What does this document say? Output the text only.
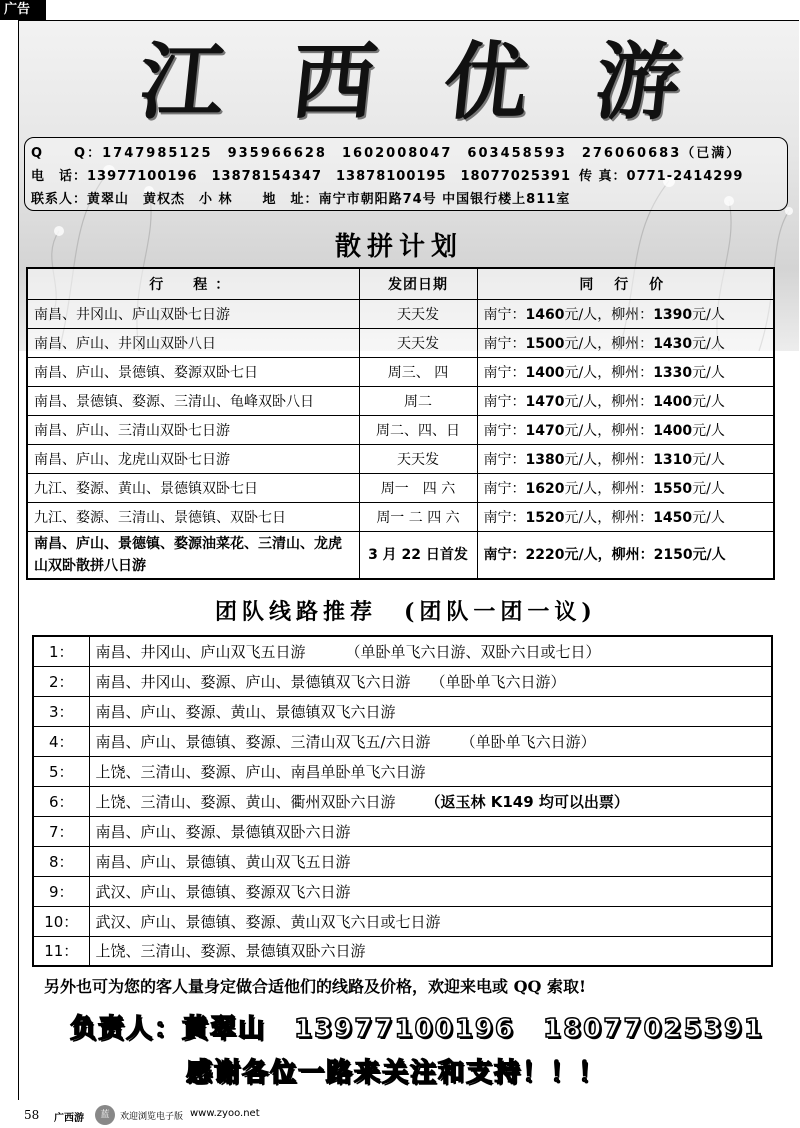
广告
江 西 优 游
Q　　Q：1747985125　935966628　1602008047　603458593　276060683（已满）
电　话：13977100196　13878154347　13878100195　18077025391 传 真：0771-2414299
联系人：黄翠山　黄权杰　小 林 地　址：南宁市朝阳路74号 中国银行楼上811室
散拼计划
行　程：	发团日期	同 行 价
南昌、井冈山、庐山双卧七日游	天天发	南宁：1460元/人，柳州：1390元/人
南昌、庐山、井冈山双卧八日	天天发	南宁：1500元/人，柳州：1430元/人
南昌、庐山、景德镇、婺源双卧七日	周三、 四	南宁：1400元/人，柳州：1330元/人
南昌、景德镇、婺源、三清山、龟峰双卧八日	周二	南宁：1470元/人，柳州：1400元/人
南昌、庐山、三清山双卧七日游	周二、四、日	南宁：1470元/人，柳州：1400元/人
南昌、庐山、龙虎山双卧七日游	天天发	南宁：1380元/人，柳州：1310元/人
九江、婺源、黄山、景德镇双卧七日	周一　四 六	南宁：1620元/人，柳州：1550元/人
九江、婺源、三清山、景德镇、双卧七日	周一 二 四 六	南宁：1520元/人，柳州：1450元/人
南昌、庐山、景德镇、婺源油菜花、三清山、龙虎山双卧散拼八日游	3 月 22 日首发	南宁：2220元/人，柳州：2150元/人
团队线路推荐　(团队一团一议)
1：	南昌、井冈山、庐山双飞五日游 （单卧单飞六日游、双卧六日或七日）
2：	南昌、井冈山、婺源、庐山、景德镇双飞六日游 （单卧单飞六日游）
3：	南昌、庐山、婺源、黄山、景德镇双飞六日游
4：	南昌、庐山、景德镇、婺源、三清山双飞五/六日游 （单卧单飞六日游）
5：	上饶、三清山、婺源、庐山、南昌单卧单飞六日游
6：	上饶、三清山、婺源、黄山、衢州双卧六日游 （返玉林 K149 均可以出票）
7：	南昌、庐山、婺源、景德镇双卧六日游
8：	南昌、庐山、景德镇、黄山双飞五日游
9：	武汉、庐山、景德镇、婺源双飞六日游
10：	武汉、庐山、景德镇、婺源、黄山双飞六日或七日游
11：	上饶、三清山、婺源、景德镇双卧六日游
另外也可为您的客人量身定做合适他们的线路及价格，欢迎来电或 QQ 索取!
负责人：黄翠山　13977100196　18077025391
感谢各位一路来关注和支持！！！
58 广西游	蓝	欢迎浏览电子版 www.zyoo.net
